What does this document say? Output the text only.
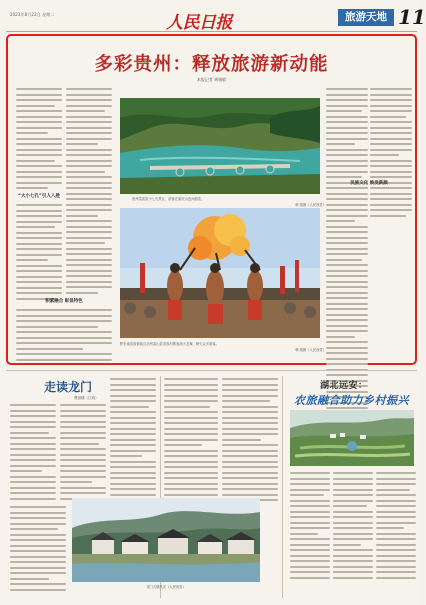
2023年8月22日 星期二	人民日报	旅游天地 11
多彩贵州：释放旅游新动能
本报记者 黄瑞敏
“大小七孔”引人入胜	贵州荔波县小七孔景区，游客在湖光山色间游览。
韩 瑞摄（人民视觉）
黔东南苗族侗族自治州雷山县苗族村寨表演火龙舞，吸引众多游客。
韩 瑞摄（人民视觉）
积累融合 彰显特色
民族文化 焕发新颜
走读龙门
曹丽娜（江西）
龙门古镇风光（人民视觉）
湖北远安：
农旅融合助力乡村振兴
